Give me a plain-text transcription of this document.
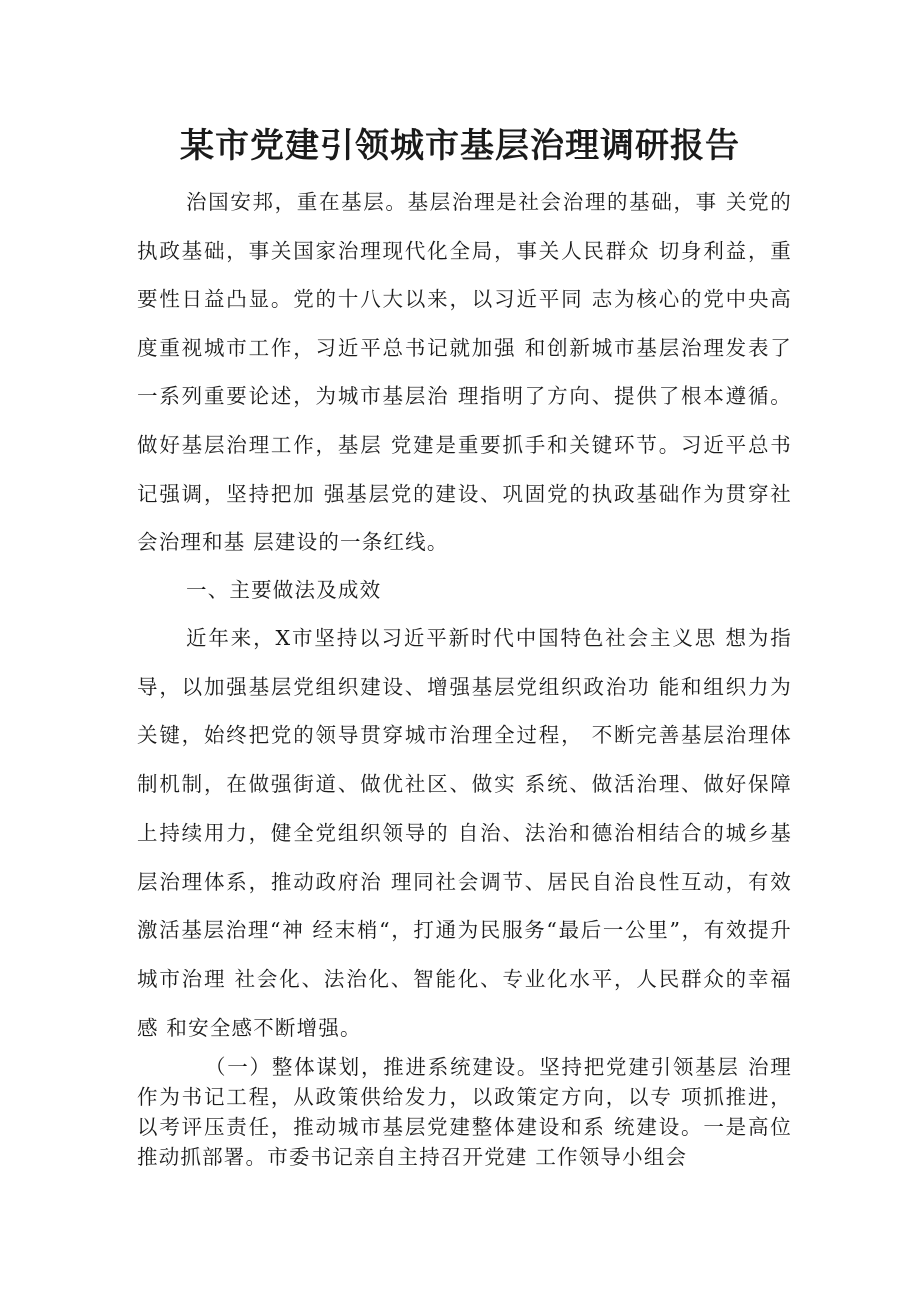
某市党建引领城市基层治理调研报告

治国安邦，重在基层。基层治理是社会治理的基础，事 关党的执政基础，事关国家治理现代化全局，事关人民群众 切身利益，重要性日益凸显。党的十八大以来，以习近平同 志为核心的党中央高度重视城市工作，习近平总书记就加强 和创新城市基层治理发表了一系列重要论述，为城市基层治 理指明了方向、提供了根本遵循。做好基层治理工作，基层 党建是重要抓手和关键环节。习近平总书记强调，坚持把加 强基层党的建设、巩固党的执政基础作为贯穿社会治理和基 层建设的一条红线。

一、主要做法及成效

近年来，X市坚持以习近平新时代中国特色社会主义思 想为指导，以加强基层党组织建设、增强基层党组织政治功 能和组织力为关键，始终把党的领导贯穿城市治理全过程， 不断完善基层治理体制机制，在做强街道、做优社区、做实 系统、做活治理、做好保障上持续用力，健全党组织领导的 自治、法治和德治相结合的城乡基层治理体系，推动政府治 理同社会调节、居民自治良性互动，有效激活基层治理“神 经末梢“，打通为民服务“最后一公里”，有效提升城市治理 社会化、法治化、智能化、专业化水平，人民群众的幸福感 和安全感不断增强。

（一）整体谋划，推进系统建设。坚持把党建引领基层 治理作为书记工程，从政策供给发力，以政策定方向，以专 项抓推进，以考评压责任，推动城市基层党建整体建设和系 统建设。一是高位推动抓部署。市委书记亲自主持召开党建 工作领导小组会
